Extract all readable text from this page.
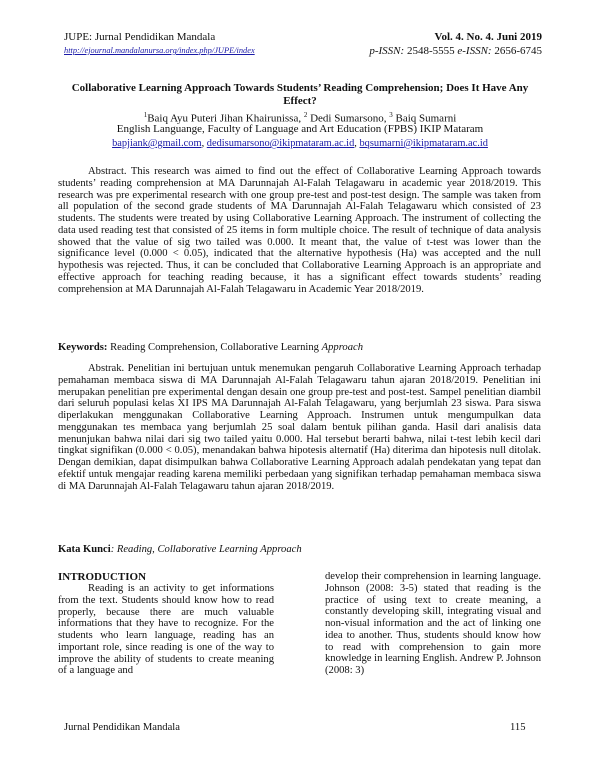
JUPE: Jurnal Pendidikan Mandala
http://ejournal.mandalanursa.org/index.php/JUPE/index
Vol. 4. No. 4. Juni 2019
p-ISSN: 2548-5555 e-ISSN: 2656-6745
Collaborative Learning Approach Towards Students’ Reading Comprehension; Does It Have Any Effect?
$^1$Baiq Ayu Puteri Jihan Khairunissa, $^2$ Dedi Sumarsono, $^3$ Baiq Sumarni
English Languange, Faculty of Language and Art Education (FPBS) IKIP Mataram
bapjiank@gmail.com, dedisumarsono@ikipmataram.ac.id, bqsumarni@ikipmataram.ac.id
Abstract. This research was aimed to find out the effect of Collaborative Learning Approach towards students’ reading comprehension at MA Darunnajah Al-Falah Telagawaru in academic year 2018/2019. This research was pre experimental research with one group pre-test and post-test design. The sample was taken from all population of the second grade students of MA Darunnajah Al-Falah Telagawaru which consisted of 23 students. The students were treated by using Collaborative Learning Approach. The instrument of collecting the data used reading test that consisted of 25 items in form multiple choice. The result of technique of data analysis showed that the value of sig two tailed was 0.000. It meant that, the value of t-test was lower than the significance level (0.000 < 0.05), indicated that the alternative hypothesis (Ha) was accepted and the null hypothesis was rejected. Thus, it can be concluded that Collaborative Learning Approach is an appropriate and effective approach for teaching reading because, it has a significant effect towards students’ reading comprehension at MA Darunnajah Al-Falah Telagawaru in Academic Year 2018/2019.
Keywords: Reading Comprehension, Collaborative Learning Approach
Abstrak. Penelitian ini bertujuan untuk menemukan pengaruh Collaborative Learning Approach terhadap pemahaman membaca siswa di MA Darunnajah Al-Falah Telagawaru tahun ajaran 2018/2019. Penelitian ini merupakan penelitian pre experimental dengan desain one group pre-test and post-test. Sampel penelitian diambil dari seluruh populasi kelas XI IPS MA Darunnajah Al-Falah Telagawaru, yang berjumlah 23 siswa. Para siswa diperlakukan menggunakan Collaborative Learning Approach. Instrumen untuk mengumpulkan data menggunakan tes membaca yang berjumlah 25 soal dalam bentuk pilihan ganda. Hasil dari analisis data menunjukan bahwa nilai dari sig two tailed yaitu 0.000. Hal tersebut berarti bahwa, nilai t-test lebih kecil dari tingkat signifikan (0.000 < 0.05), menandakan bahwa hipotesis alternatif (Ha) diterima dan hipotesis null ditolak. Dengan demikian, dapat disimpulkan bahwa Collaborative Learning Approach adalah pendekatan yang tepat dan efektif untuk mengajar reading karena memiliki perbedaan yang signifikan terhadap pemahaman membaca siswa di MA Darunnajah Al-Falah Telagawaru tahun ajaran 2018/2019.
Kata Kunci: Reading, Collaborative Learning Approach
INTRODUCTION

Reading is an activity to get informations from the text. Students should know how to read properly, because there are much valuable informations that they have to recognize. For the students who learn language, reading has an important role, since reading is one of the way to improve the ability of students to create meaning of a language and

develop their comprehension in learning language. Johnson (2008: 3-5) stated that reading is the practice of using text to create meaning, a constantly developing skill, integrating visual and non-visual information and the act of linking one idea to another. Thus, students should know how to read with comprehension to gain more knowledge in learning English. Andrew P. Johnson (2008: 3)

Jurnal Pendidikan Mandala	115
